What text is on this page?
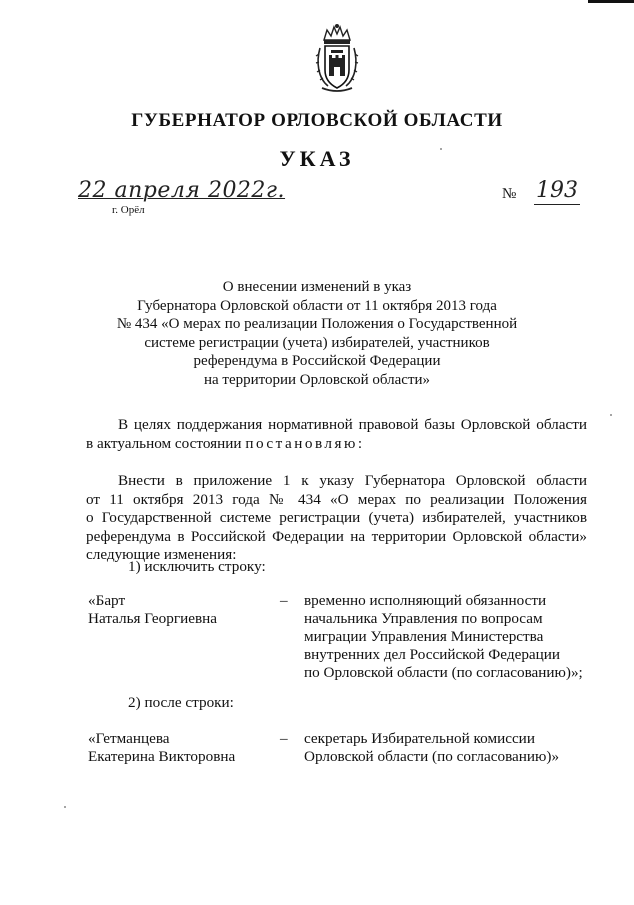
ГУБЕРНАТОР ОРЛОВСКОЙ ОБЛАСТИ
УКАЗ
22 апреля 2022г.
г. Орёл
№ 193
О внесении изменений в указ
Губернатора Орловской области от 11 октября 2013 года
№ 434 «О мерах по реализации Положения о Государственной
системе регистрации (учета) избирателей, участников
референдума в Российской Федерации
на территории Орловской области»
В целях поддержания нормативной правовой базы Орловской области
в актуальном состоянии постановляю:
Внести в приложение 1 к указу Губернатора Орловской области
от 11 октября 2013 года № 434 «О мерах по реализации Положения
о Государственной системе регистрации (учета) избирателей, участников
референдума в Российской Федерации на территории Орловской области»
следующие изменения:
1) исключить строку:
«Барт
Наталья Георгиевна
– временно исполняющий обязанности
начальника Управления по вопросам
миграции Управления Министерства
внутренних дел Российской Федерации
по Орловской области (по согласованию)»;
2) после строки:
«Гетманцева
Екатерина Викторовна
– секретарь Избирательной комиссии
Орловской области (по согласованию)»
